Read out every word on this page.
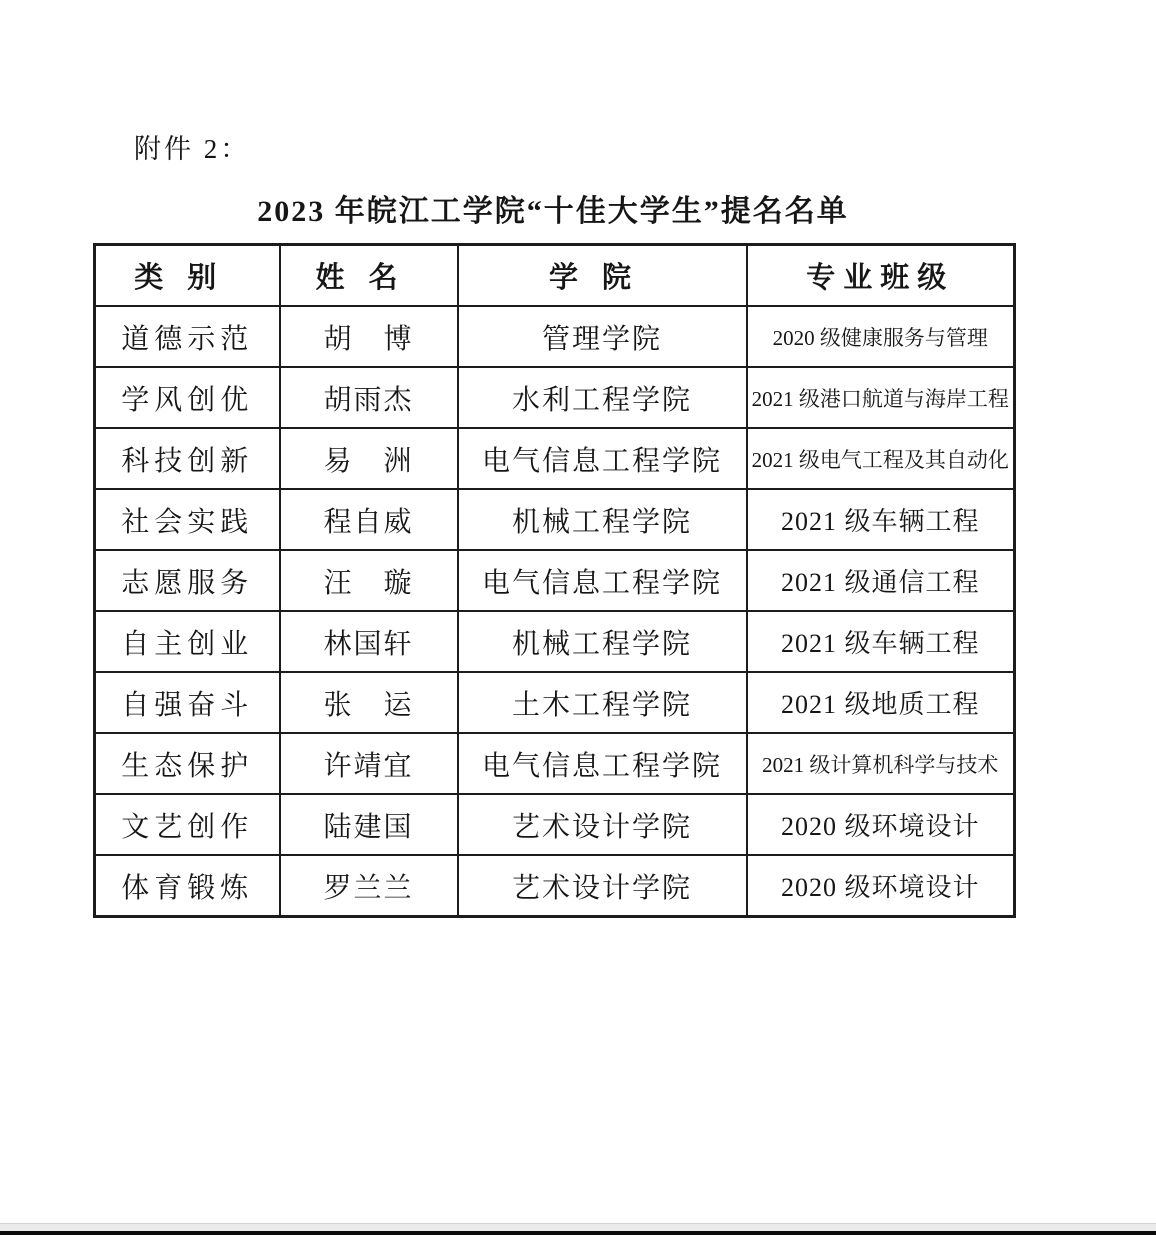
附件 2：
2023 年皖江工学院“十佳大学生”提名名单
类别	姓名	学院	专业班级
道德示范	胡　博	管理学院	2020 级健康服务与管理
学风创优	胡雨杰	水利工程学院	2021 级港口航道与海岸工程
科技创新	易　洲	电气信息工程学院	2021 级电气工程及其自动化
社会实践	程自威	机械工程学院	2021 级车辆工程
志愿服务	汪　璇	电气信息工程学院	2021 级通信工程
自主创业	林国轩	机械工程学院	2021 级车辆工程
自强奋斗	张　运	土木工程学院	2021 级地质工程
生态保护	许靖宜	电气信息工程学院	2021 级计算机科学与技术
文艺创作	陆建国	艺术设计学院	2020 级环境设计
体育锻炼	罗兰兰	艺术设计学院	2020 级环境设计
